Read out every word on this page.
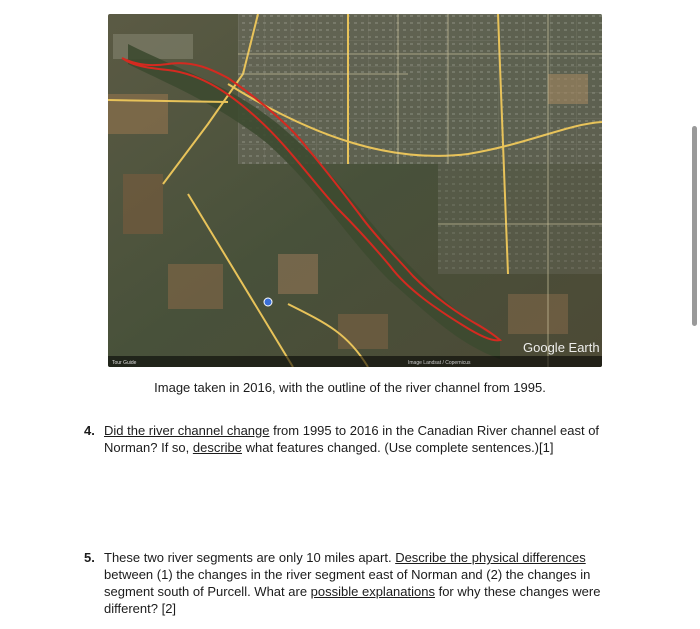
Tour Guide	Image Landsat / Copernicus
Google Earth
Image taken in 2016, with the outline of the river channel from 1995.
4. Did the river channel change from 1995 to 2016 in the Canadian River channel east of
Norman? If so, describe what features changed. (Use complete sentences.)[1]
5. These two river segments are only 10 miles apart. Describe the physical differences
between (1) the changes in the river segment east of Norman and (2) the changes in
segment south of Purcell. What are possible explanations for why these changes were
different? [2]
